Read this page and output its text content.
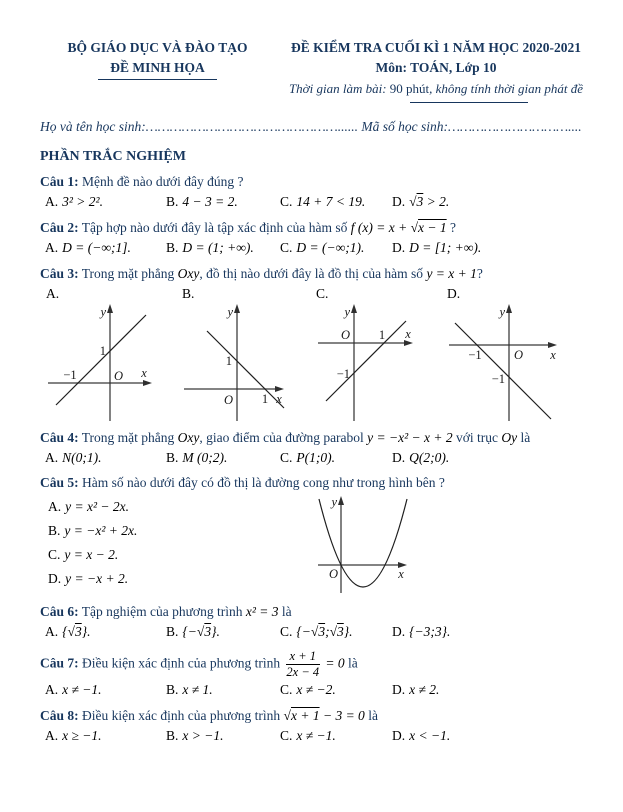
BỘ GIÁO DỤC VÀ ĐÀO TẠO
ĐỀ MINH HỌA
ĐỀ KIỂM TRA CUỐI KÌ 1 NĂM HỌC 2020-2021
Môn: TOÁN, Lớp 10
Thời gian làm bài: 90 phút, không tính thời gian phát đề
Họ và tên học sinh:…………………………………………...... Mã số học sinh:…………………………....
PHẦN TRẮC NGHIỆM

Câu 1: Mệnh đề nào dưới đây đúng ?

A. 3² > 2².	B. 4 − 3 = 2.	C. 14 + 7 < 19.	D. √3 > 2.

Câu 2: Tập hợp nào dưới đây là tập xác định của hàm số f (x) = x + √x − 1 ?

A. D = (−∞;1].	B. D = (1; +∞).	C. D = (−∞;1).	D. D = [1; +∞).

Câu 3: Trong mặt phẳng Oxy, đồ thị nào dưới đây là đồ thị của hàm số y = x + 1?

A.
y
x
O
1
−1
B.
y
x
O
1
1
C.
y
x
O
−1
1
D.
y
x
O
−1
−1

Câu 4: Trong mặt phẳng Oxy, giao điểm của đường parabol y = −x² − x + 2 với trục Oy là

A. N(0;1).	B. M (0;2).	C. P(1;0).	D. Q(2;0).

Câu 5: Hàm số nào dưới đây có đồ thị là đường cong như trong hình bên ?

A. y = x² − 2x.
B. y = −x² + 2x.
C. y = x − 2.
D. y = −x + 2.
y
x
O

Câu 6: Tập nghiệm của phương trình x² = 3 là

A. {√3}.	B. {−√3}.	C. {−√3;√3}.	D. {−3;3}.

Câu 7: Điều kiện xác định của phương trình $\frac{x + 1}{2x - 4} = 0$ là

A. x ≠ −1.	B. x ≠ 1.	C. x ≠ −2.	D. x ≠ 2.

Câu 8: Điều kiện xác định của phương trình √x + 1 − 3 = 0 là

A. x ≥ −1.	B. x > −1.	C. x ≠ −1.	D. x < −1.
